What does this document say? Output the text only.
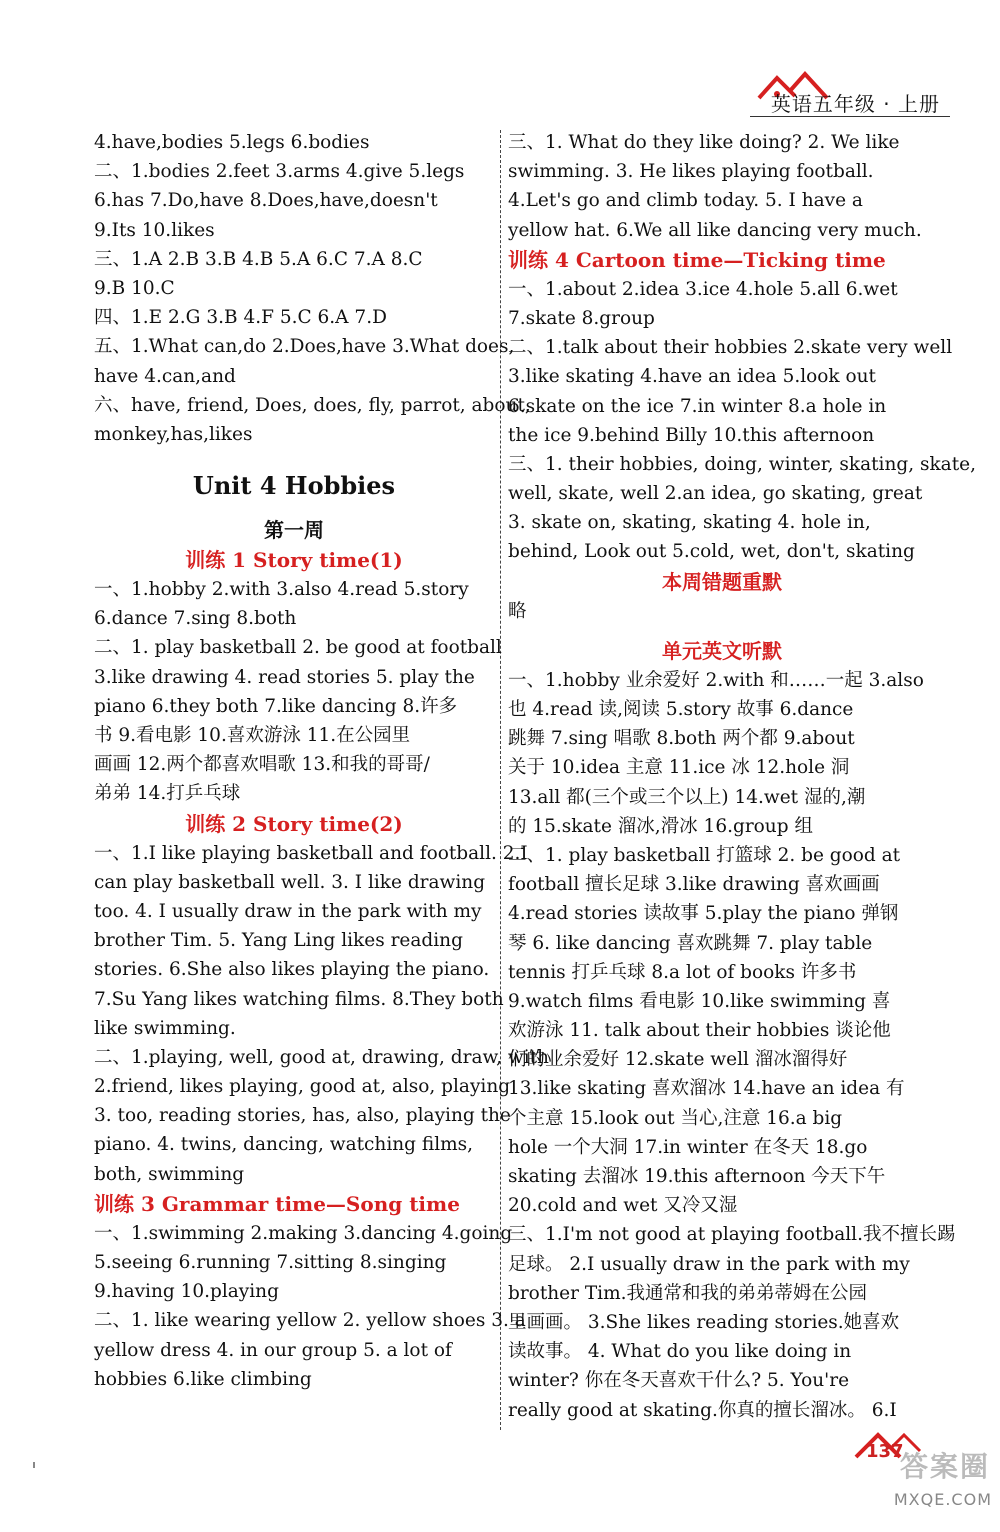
英语五年级 · 上册
4.have,bodies 5.legs 6.bodies
二、1.bodies 2.feet 3.arms 4.give 5.legs
6.has 7.Do,have 8.Does,have,doesn't
9.Its 10.likes
三、1.A 2.B 3.B 4.B 5.A 6.C 7.A 8.C
9.B 10.C
四、1.E 2.G 3.B 4.F 5.C 6.A 7.D
五、1.What can,do 2.Does,have 3.What does,
have 4.can,and
六、have, friend, Does, does, fly, parrot, about,
monkey,has,likes
Unit 4 Hobbies
第一周
训练 1 Story time(1)
一、1.hobby 2.with 3.also 4.read 5.story
6.dance 7.sing 8.both
二、1. play basketball 2. be good at football
3.like drawing 4. read stories 5. play the
piano 6.they both 7.like dancing 8.许多
书 9.看电影 10.喜欢游泳 11.在公园里
画画 12.两个都喜欢唱歌 13.和我的哥哥/
弟弟 14.打乒乓球
训练 2 Story time(2)
一、1.I like playing basketball and football. 2.I
can play basketball well. 3. I like drawing
too. 4. I usually draw in the park with my
brother Tim. 5. Yang Ling likes reading
stories. 6.She also likes playing the piano.
7.Su Yang likes watching films. 8.They both
like swimming.
二、1.playing, well, good at, drawing, draw, with
2.friend, likes playing, good at, also, playing
3. too, reading stories, has, also, playing the
piano. 4. twins, dancing, watching films,
both, swimming
训练 3 Grammar time—Song time
一、1.swimming 2.making 3.dancing 4.going
5.seeing 6.running 7.sitting 8.singing
9.having 10.playing
二、1. like wearing yellow 2. yellow shoes 3. a
yellow dress 4. in our group 5. a lot of
hobbies 6.like climbing
三、1. What do they like doing? 2. We like
swimming. 3. He likes playing football.
4.Let's go and climb today. 5. I have a
yellow hat. 6.We all like dancing very much.
训练 4 Cartoon time—Ticking time
一、1.about 2.idea 3.ice 4.hole 5.all 6.wet
7.skate 8.group
二、1.talk about their hobbies 2.skate very well
3.like skating 4.have an idea 5.look out
6.skate on the ice 7.in winter 8.a hole in
the ice 9.behind Billy 10.this afternoon
三、1. their hobbies, doing, winter, skating, skate,
well, skate, well 2.an idea, go skating, great
3. skate on, skating, skating 4. hole in,
behind, Look out 5.cold, wet, don't, skating
本周错题重默
略
单元英文听默
一、1.hobby 业余爱好 2.with 和……一起 3.also
也 4.read 读,阅读 5.story 故事 6.dance
跳舞 7.sing 唱歌 8.both 两个都 9.about
关于 10.idea 主意 11.ice 冰 12.hole 洞
13.all 都(三个或三个以上) 14.wet 湿的,潮
的 15.skate 溜冰,滑冰 16.group 组
二、1. play basketball 打篮球 2. be good at
football 擅长足球 3.like drawing 喜欢画画
4.read stories 读故事 5.play the piano 弹钢
琴 6. like dancing 喜欢跳舞 7. play table
tennis 打乒乓球 8.a lot of books 许多书
9.watch films 看电影 10.like swimming 喜
欢游泳 11. talk about their hobbies 谈论他
们的业余爱好 12.skate well 溜冰溜得好
13.like skating 喜欢溜冰 14.have an idea 有
个主意 15.look out 当心,注意 16.a big
hole 一个大洞 17.in winter 在冬天 18.go
skating 去溜冰 19.this afternoon 今天下午
20.cold and wet 又冷又湿
三、1.I'm not good at playing football.我不擅长踢
足球。 2.I usually draw in the park with my
brother Tim.我通常和我的弟弟蒂姆在公园
里画画。 3.She likes reading stories.她喜欢
读故事。 4. What do you like doing in
winter? 你在冬天喜欢干什么? 5. You're
really good at skating.你真的擅长溜冰。 6.I
137
答案圈
MXQE.COM
